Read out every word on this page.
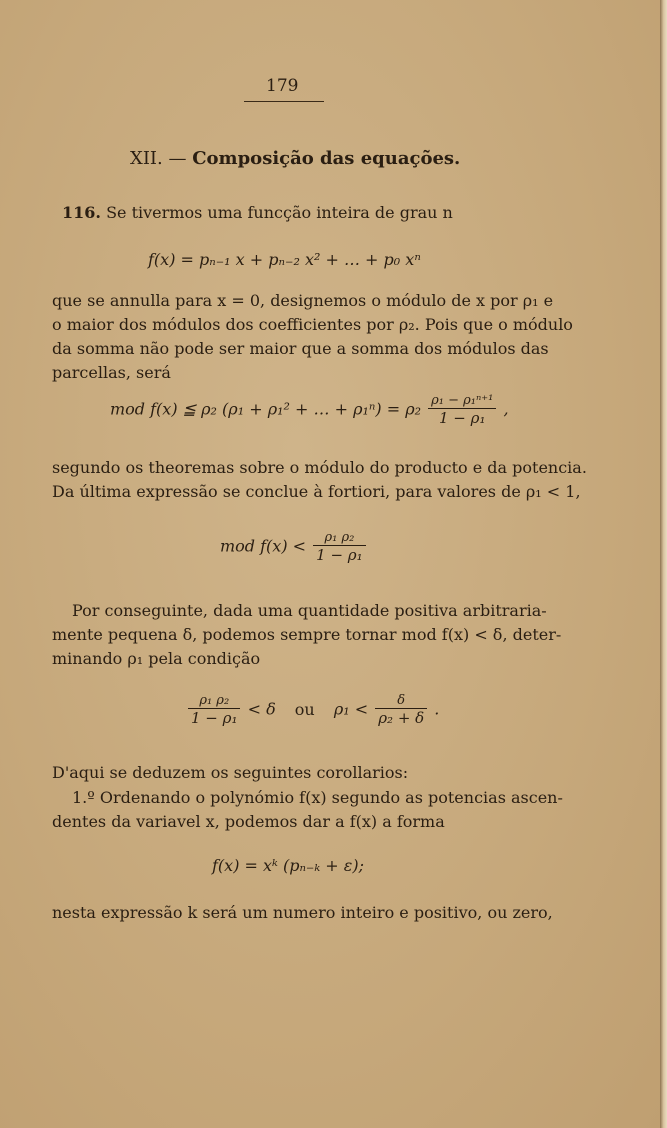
179
XII. — Composição das equações.
116. Se tivermos uma funcção inteira de grau n
f(x) = pₙ₋₁ x + pₙ₋₂ x² + … + p₀ xⁿ
que se annulla para x = 0, designemos o módulo de x por ρ₁ e
o maior dos módulos dos coefficientes por ρ₂. Pois que o módulo
da somma não pode ser maior que a somma dos módulos das
parcellas, será
mod f(x) ≦ ρ₂ (ρ₁ + ρ₁² + … + $\rho_1^n) = \rho_2 \frac{\text{ρ₁ − ρ₁ⁿ⁺¹}}{\text{1 − ρ₁}}$ ,
segundo os theoremas sobre o módulo do producto e da potencia.
Da última expressão se conclue à fortiori, para valores de ρ₁ < 1,
mod $f(x) < \frac{\text{ρ₁ ρ₂}}{\text{1 − ρ₁}}$
Por conseguinte, dada uma quantidade positiva arbitraria-
mente pequena δ, podemos sempre tornar mod f(x) < δ, deter-
minando ρ₁ pela condição
$\frac{\text{ρ₁ ρ₂}}{\text{1 − ρ₁}} < \delta$ ou $\rho_1 < \frac{\delta}{\text{ρ₂ + δ}}$ .
D'aqui se deduzem os seguintes corollarios:
1.º Ordenando o polynómio f(x) segundo as potencias ascen-
dentes da variavel x, podemos dar a f(x) a forma
f(x) = xᵏ (pₙ₋ₖ + ε);
nesta expressão k será um numero inteiro e positivo, ou zero,
